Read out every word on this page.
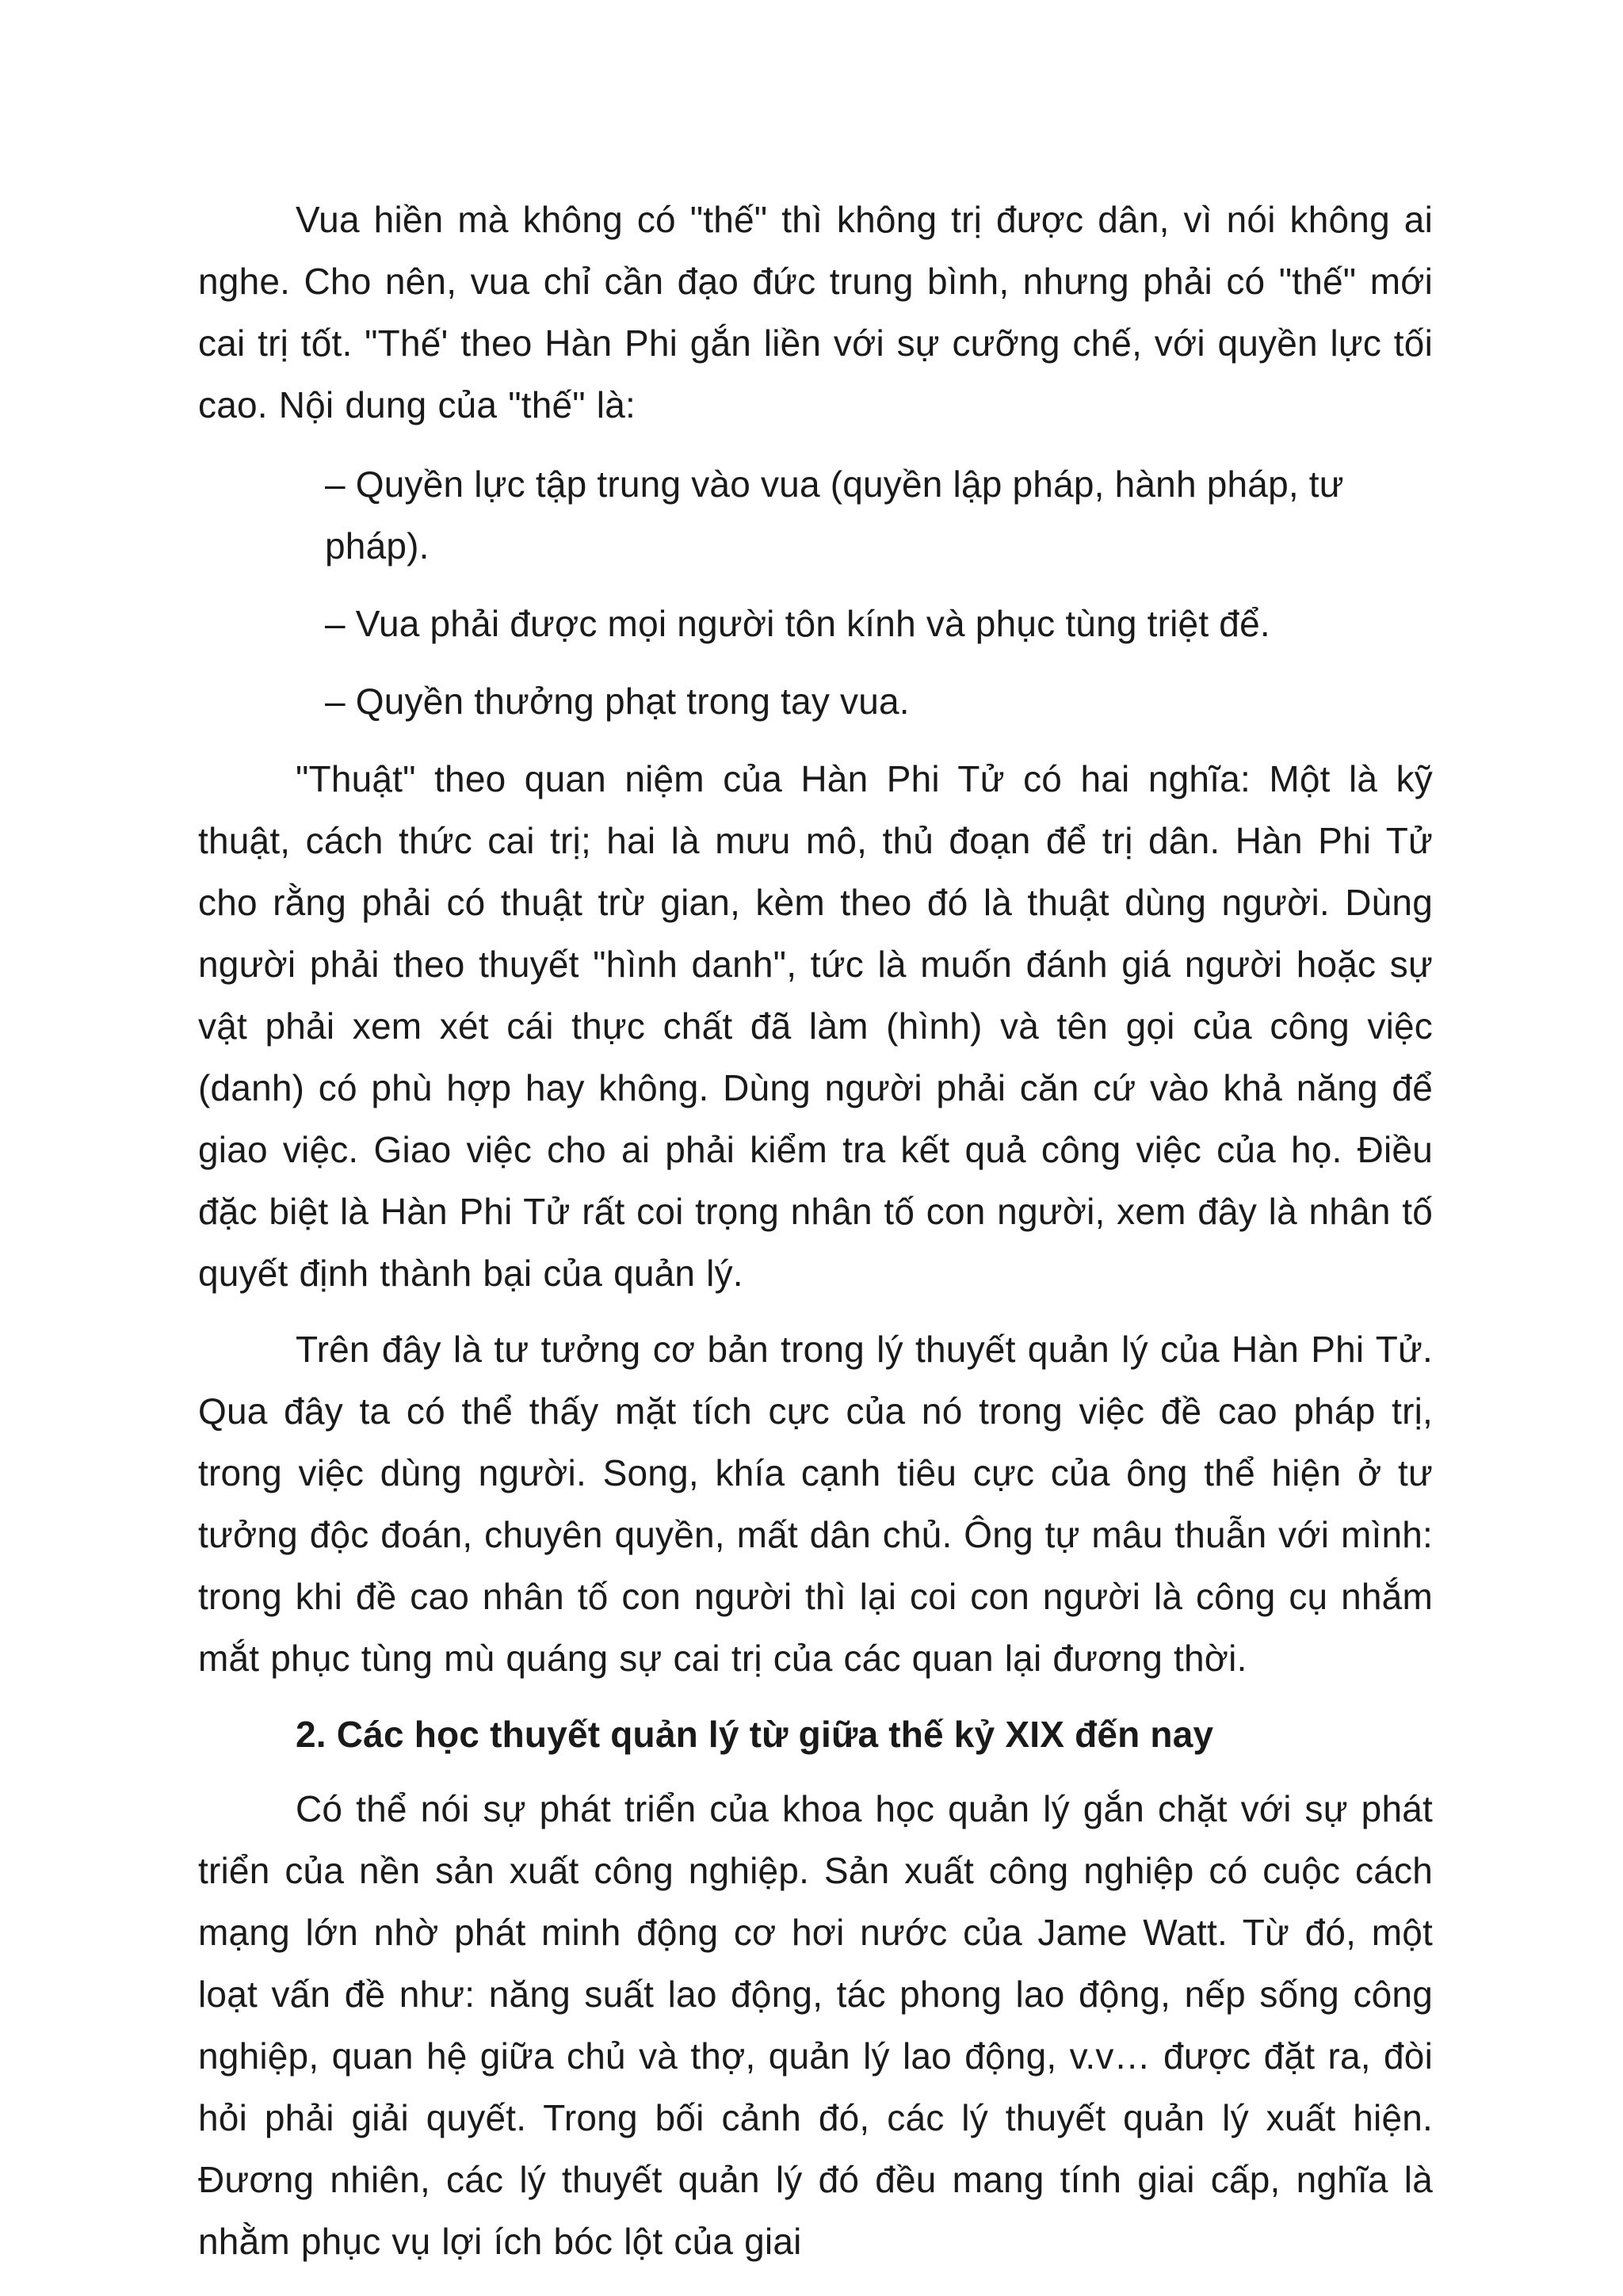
Vua hiền mà không có "thế" thì không trị được dân, vì nói không ai nghe. Cho nên, vua chỉ cần đạo đức trung bình, nhưng phải có "thế" mới cai trị tốt. "Thế' theo Hàn Phi gắn liền với sự cưỡng chế, với quyền lực tối cao. Nội dung của "thế" là:

– Quyền lực tập trung vào vua (quyền lập pháp, hành pháp, tư pháp).

– Vua phải được mọi người tôn kính và phục tùng triệt để.

– Quyền thưởng phạt trong tay vua.

"Thuật" theo quan niệm của Hàn Phi Tử có hai nghĩa: Một là kỹ thuật, cách thức cai trị; hai là mưu mô, thủ đoạn để trị dân. Hàn Phi Tử cho rằng phải có thuật trừ gian, kèm theo đó là thuật dùng người. Dùng người phải theo thuyết "hình danh", tức là muốn đánh giá người hoặc sự vật phải xem xét cái thực chất đã làm (hình) và tên gọi của công việc (danh) có phù hợp hay không. Dùng người phải căn cứ vào khả năng để giao việc. Giao việc cho ai phải kiểm tra kết quả công việc của họ. Điều đặc biệt là Hàn Phi Tử rất coi trọng nhân tố con người, xem đây là nhân tố quyết định thành bại của quản lý.

Trên đây là tư tưởng cơ bản trong lý thuyết quản lý của Hàn Phi Tử. Qua đây ta có thể thấy mặt tích cực của nó trong việc đề cao pháp trị, trong việc dùng người. Song, khía cạnh tiêu cực của ông thể hiện ở tư tưởng độc đoán, chuyên quyền, mất dân chủ. Ông tự mâu thuẫn với mình: trong khi đề cao nhân tố con người thì lại coi con người là công cụ nhắm mắt phục tùng mù quáng sự cai trị của các quan lại đương thời.

2. Các học thuyết quản lý từ giữa thế kỷ XIX đến nay

Có thể nói sự phát triển của khoa học quản lý gắn chặt với sự phát triển của nền sản xuất công nghiệp. Sản xuất công nghiệp có cuộc cách mạng lớn nhờ phát minh động cơ hơi nước của Jame Watt. Từ đó, một loạt vấn đề như: năng suất lao động, tác phong lao động, nếp sống công nghiệp, quan hệ giữa chủ và thợ, quản lý lao động, v.v… được đặt ra, đòi hỏi phải giải quyết. Trong bối cảnh đó, các lý thuyết quản lý xuất hiện. Đương nhiên, các lý thuyết quản lý đó đều mang tính giai cấp, nghĩa là nhằm phục vụ lợi ích bóc lột của giai
